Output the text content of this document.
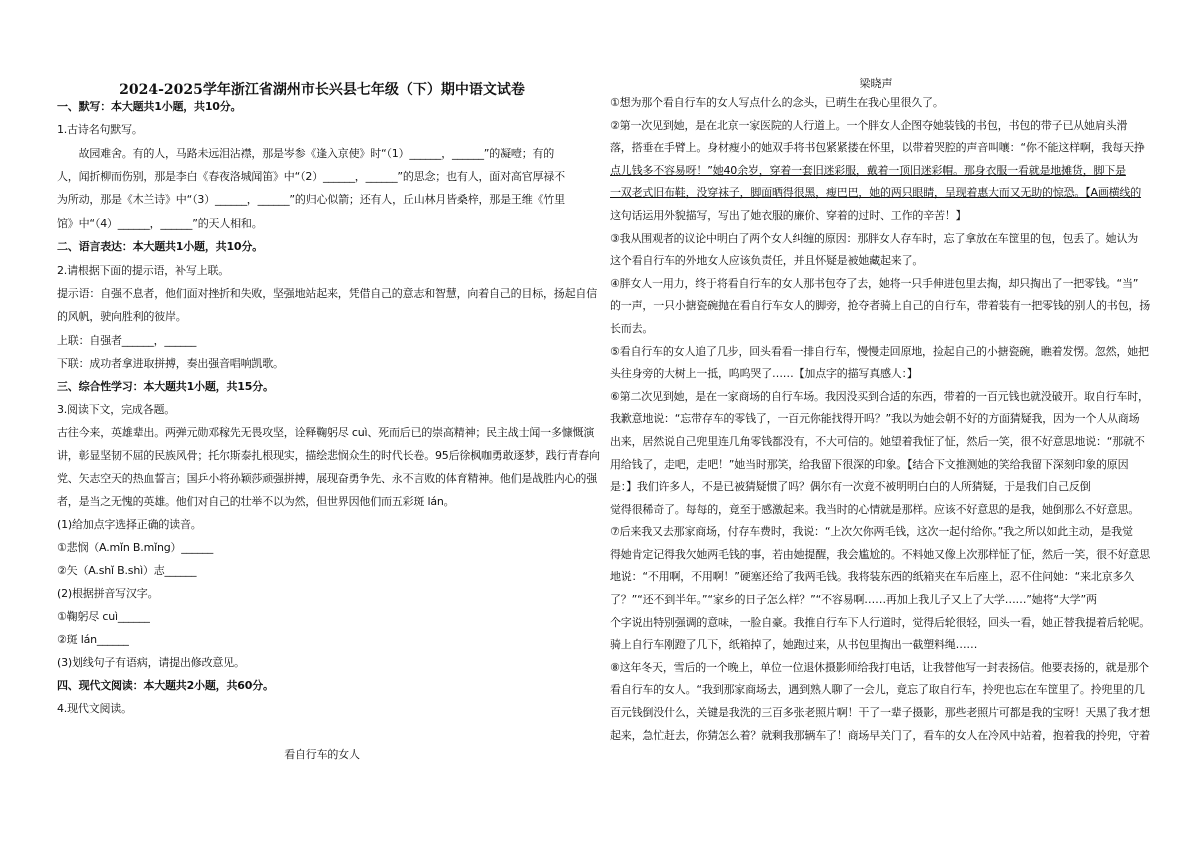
2024-2025学年浙江省湖州市长兴县七年级（下）期中语文试卷
一、默写：本大题共1小题，共10分。
1.古诗名句默写。
　　故园难舍。有的人，马路未远泪沾襟，那是岑参《逢入京使》时“（1）______，______”的凝噎；有的
人，闻折柳而伤别，那是李白《春夜洛城闻笛》中“（2）______，______”的思念；也有人，面对高官厚禄不
为所动，那是《木兰诗》中“（3）______，______”的归心似箭；还有人，丘山林月皆桑梓，那是王维《竹里
馆》中“（4）______，______”的天人相和。
二、语言表达：本大题共1小题，共10分。
2.请根据下面的提示语，补写上联。
提示语：自强不息者，他们面对挫折和失败，坚强地站起来，凭借自己的意志和智慧，向着自己的目标，扬起自信
的风帆，驶向胜利的彼岸。
上联：自强者______，______
下联：成功者拿进取拼搏，奏出强音唱响凯歌。
三、综合性学习：本大题共1小题，共15分。
3.阅读下文，完成各题。
古往今来，英雄辈出。两弹元勋邓稼先无畏攻坚，诠释鞠躬尽 cuì、死而后已的崇高精神；民主战士闻一多慷慨演
讲，彰显坚韧不屈的民族风骨；托尔斯泰扎根现实，描绘悲悯众生的时代长卷。95后徐枫咖勇敢逐梦，践行青春向
党、矢志空天的热血誓言；国乒小将孙颖莎顽强拼搏，展现奋勇争先、永不言败的体育精神。他们是战胜内心的强
者，是当之无愧的英雄。他们对自己的壮举不以为然，但世界因他们而五彩斑 lán。
(1)给加点字选择正确的读音。
①悲悯（A.mǐn B.mǐng）______
②矢（A.shǐ B.shì）志______
(2)根据拼音写汉字。
①鞠躬尽 cuì______
②斑 lán______
(3)划线句子有语病，请提出修改意见。
四、现代文阅读：本大题共2小题，共60分。
4.现代文阅读。
看自行车的女人
梁晓声
①想为那个看自行车的女人写点什么的念头，已萌生在我心里很久了。
②第一次见到她，是在北京一家医院的人行道上。一个胖女人企图夺她装钱的书包，书包的带子已从她肩头滑
落，搭垂在手臂上。身材瘦小的她双手将书包紧紧搂在怀里，以带着哭腔的声音叫嚷：“你不能这样啊，我每天挣
点儿钱多不容易呀！”她40余岁，穿着一套旧迷彩服，戴着一顶旧迷彩帽。那身衣服一看就是地摊货，脚下是
一双老式旧布鞋，没穿袜子，脚面晒得很黑，瘦巴巴，她的两只眼睛，呈现着惠大而又无助的惊恐。【A画横线的
这句话运用外貌描写，写出了她衣服的廉价、穿着的过时、工作的辛苦！】
③我从围观者的议论中明白了两个女人纠缠的原因：那胖女人存车时，忘了拿放在车筐里的包，包丢了。她认为
这个看自行车的外地女人应该负责任，并且怀疑是被她藏起来了。
④胖女人一用力，终于将看自行车的女人那书包夺了去，她将一只手伸进包里去掏，却只掏出了一把零钱。“当”
的一声，一只小搪瓷碗抛在看自行车女人的脚旁，抢夺者骑上自己的自行车，带着装有一把零钱的别人的书包，扬
长而去。
⑤看自行车的女人追了几步，回头看看一排自行车，慢慢走回原地，捡起自己的小搪瓷碗，瞧着发愣。忽然，她把
头往身旁的大树上一抵，呜呜哭了……【加点字的描写真感人：】
⑥第二次见到她，是在一家商场的自行车场。我因没买到合适的东西，带着的一百元钱也就没破开。取自行车时，
我歉意地说：“忘带存车的零钱了，一百元你能找得开吗？”我以为她会朝不好的方面猜疑我，因为一个人从商场
出来，居然说自己兜里连几角零钱都没有，不大可信的。她望着我怔了怔，然后一笑，很不好意思地说：“那就不
用给钱了，走吧，走吧！”她当时那笑，给我留下很深的印象。【结合下文推测她的笑给我留下深刻印象的原因
是：】我们许多人，不是已被猜疑惯了吗？偶尔有一次竟不被明明白白的人所猜疑，于是我们自己反倒
觉得很稀奇了。每每的，竟至于感激起来。我当时的心情就是那样。应该不好意思的是我，她倒那么不好意思。
⑦后来我又去那家商场，付存车费时，我说：“上次欠你两毛钱，这次一起付给你。”我之所以如此主动，是我觉
得她肯定记得我欠她两毛钱的事，若由她提醒，我会尴尬的。不料她又像上次那样怔了怔，然后一笑，很不好意思
地说：“不用啊，不用啊！”硬塞还给了我两毛钱。我将装东西的纸箱夹在车后座上，忍不住问她：“来北京多久
了？”“还不到半年。”“家乡的日子怎么样？”“不容易啊……再加上我儿子又上了大学……”她将“大学”两
个字说出特别强调的意味，一脸自豪。我推自行车下人行道时，觉得后轮很轻，回头一看，她正替我提着后轮呢。
骑上自行车刚蹬了几下，纸箱掉了，她跑过来，从书包里掏出一截塑料绳……
⑧这年冬天，雪后的一个晚上，单位一位退休摄影师给我打电话，让我替他写一封表扬信。他要表扬的，就是那个
看自行车的女人。“我到那家商场去，遇到熟人聊了一会儿，竟忘了取自行车，拎兜也忘在车筐里了。拎兜里的几
百元钱倒没什么，关键是我洗的三百多张老照片啊！干了一辈子摄影，那些老照片可都是我的宝呀！天黑了我才想
起来，急忙赶去，你猜怎么着？就剩我那辆车了！商场早关门了，看车的女人在冷风中站着，抱着我的拎兜，守着
